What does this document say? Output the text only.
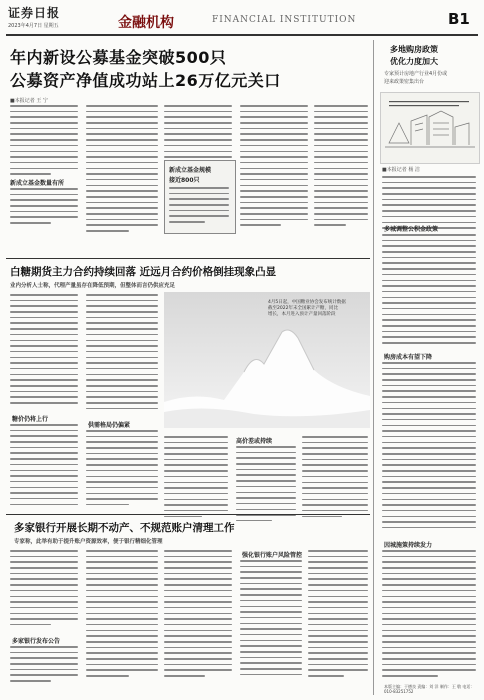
证券日报
2023年4月7日 星期五	金融机构	FINANCIAL INSTITUTION	B1
年内新设公募基金突破500只
公募资产净值成功站上26万亿元关口
■本报记者 王 宁
新成立基金数量有所
新成立基金规模
接近800只
多地购房政策
优化力度加大
专家预计房地产行业4月份或
迎来政策密集出台
■本报记者 杨 洁
多城调整公积金政策
购房成本有望下降
因城施策持续发力
白糖期货主力合约持续回落 近远月合约价格倒挂现象凸显
业内分析人士称，代理产量虽存在降低预期，但整体而言仍供应充足
糖价仍将上行
供需格局仍偏紧
4月5日起，中国糖业协会发布统计数据
截至2022年末全国累计产糖，同比
增长，本月进入预计产量回落阶段
高价差或持续
多家银行开展长期不动产、不规范账户清理工作
专家称，此举有助于提升账户资源效率，便于银行精细化管理
多家银行发布公告
强化银行账户风险管控
本版主编：于德良 责编：刘 洋 制作：王 敬 电话：010-83251752
